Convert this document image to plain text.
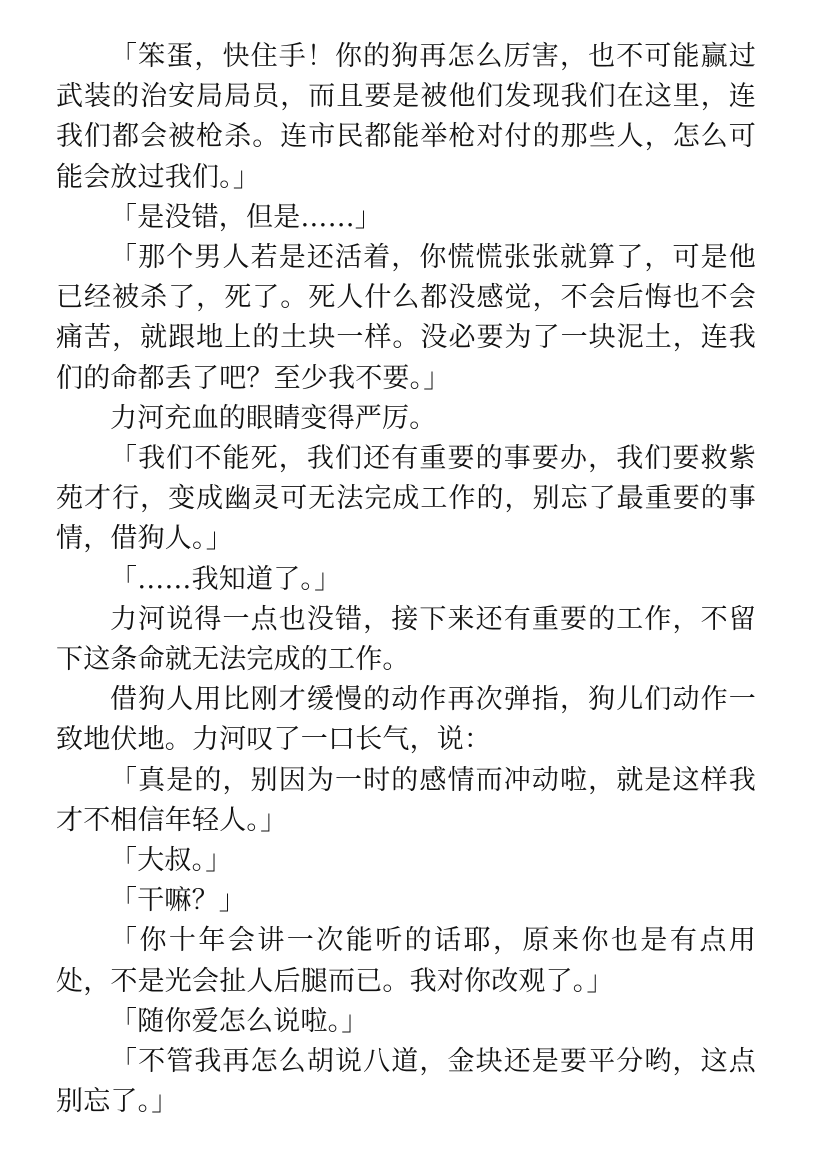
「笨蛋，快住手！你的狗再怎么厉害，也不可能赢过武装的治安局局员，而且要是被他们发现我们在这里，连我们都会被枪杀。连市民都能举枪对付的那些人，怎么可能会放过我们。」

「是没错，但是……」

「那个男人若是还活着，你慌慌张张就算了，可是他已经被杀了，死了。死人什么都没感觉，不会后悔也不会痛苦，就跟地上的土块一样。没必要为了一块泥土，连我们的命都丢了吧？至少我不要。」

力河充血的眼睛变得严厉。

「我们不能死，我们还有重要的事要办，我们要救紫苑才行，变成幽灵可无法完成工作的，别忘了最重要的事情，借狗人。」

「……我知道了。」

力河说得一点也没错，接下来还有重要的工作，不留下这条命就无法完成的工作。

借狗人用比刚才缓慢的动作再次弹指，狗儿们动作一致地伏地。力河叹了一口长气，说：

「真是的，别因为一时的感情而冲动啦，就是这样我才不相信年轻人。」

「大叔。」

「干嘛？」

「你十年会讲一次能听的话耶，原来你也是有点用处，不是光会扯人后腿而已。我对你改观了。」

「随你爱怎么说啦。」

「不管我再怎么胡说八道，金块还是要平分哟，这点别忘了。」
